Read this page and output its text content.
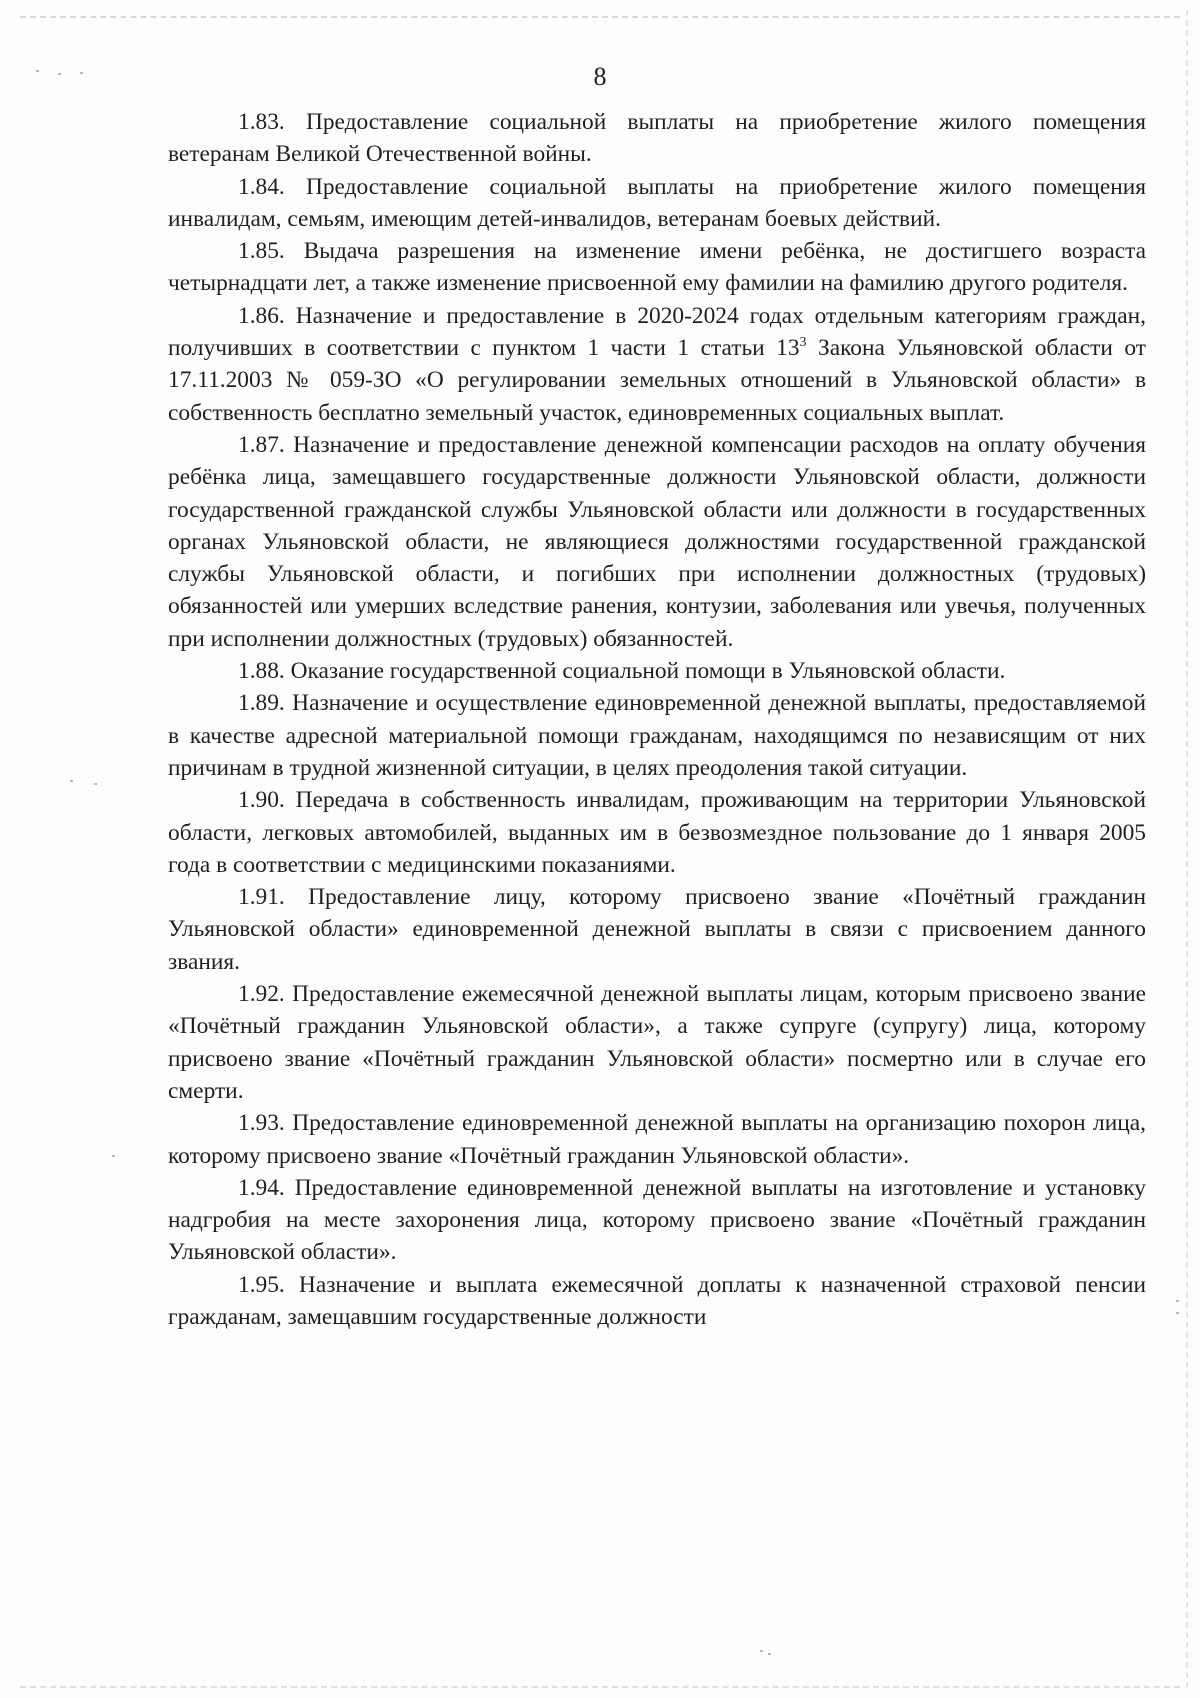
8

1.83. Предоставление социальной выплаты на приобретение жилого помещения ветеранам Великой Отечественной войны.

1.84. Предоставление социальной выплаты на приобретение жилого помещения инвалидам, семьям, имеющим детей-инвалидов, ветеранам боевых действий.

1.85. Выдача разрешения на изменение имени ребёнка, не достигшего возраста четырнадцати лет, а также изменение присвоенной ему фамилии на фамилию другого родителя.

1.86. Назначение и предоставление в 2020-2024 годах отдельным категориям граждан, получивших в соответствии с пунктом 1 части 1 статьи $13^3$ Закона Ульяновской области от 17.11.2003 № 059-ЗО «О регулировании земельных отношений в Ульяновской области» в собственность бесплатно земельный участок, единовременных социальных выплат.

1.87. Назначение и предоставление денежной компенсации расходов на оплату обучения ребёнка лица, замещавшего государственные должности Ульяновской области, должности государственной гражданской службы Ульяновской области или должности в государственных органах Ульяновской области, не являющиеся должностями государственной гражданской службы Ульяновской области, и погибших при исполнении должностных (трудовых) обязанностей или умерших вследствие ранения, контузии, заболевания или увечья, полученных при исполнении должностных (трудовых) обязанностей.

1.88. Оказание государственной социальной помощи в Ульяновской области.

1.89. Назначение и осуществление единовременной денежной выплаты, предоставляемой в качестве адресной материальной помощи гражданам, находящимся по независящим от них причинам в трудной жизненной ситуации, в целях преодоления такой ситуации.

1.90. Передача в собственность инвалидам, проживающим на территории Ульяновской области, легковых автомобилей, выданных им в безвозмездное пользование до 1 января 2005 года в соответствии с медицинскими показаниями.

1.91. Предоставление лицу, которому присвоено звание «Почётный гражданин Ульяновской области» единовременной денежной выплаты в связи с присвоением данного звания.

1.92. Предоставление ежемесячной денежной выплаты лицам, которым присвоено звание «Почётный гражданин Ульяновской области», а также супруге (супругу) лица, которому присвоено звание «Почётный гражданин Ульяновской области» посмертно или в случае его смерти.

1.93. Предоставление единовременной денежной выплаты на организацию похорон лица, которому присвоено звание «Почётный гражданин Ульяновской области».

1.94. Предоставление единовременной денежной выплаты на изготовление и установку надгробия на месте захоронения лица, которому присвоено звание «Почётный гражданин Ульяновской области».

1.95. Назначение и выплата ежемесячной доплаты к назначенной страховой пенсии гражданам, замещавшим государственные должности
